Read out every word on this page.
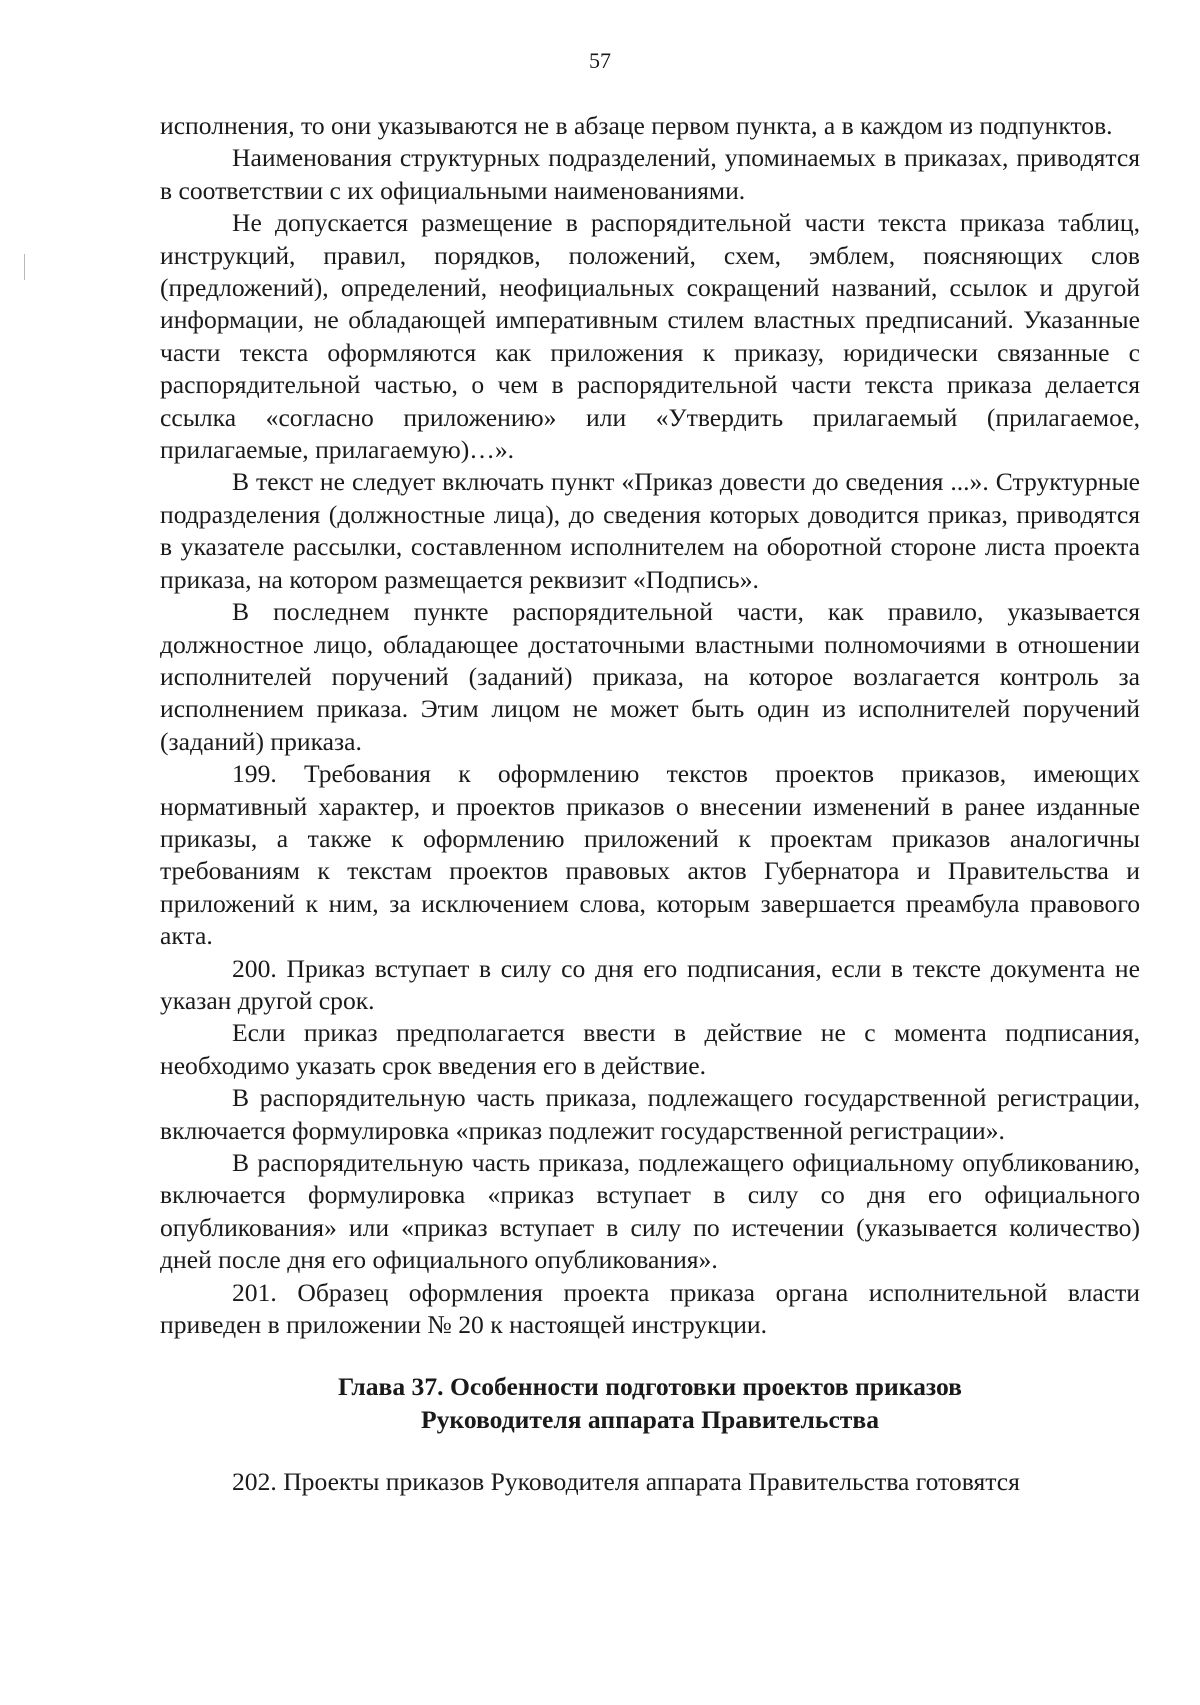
57

исполнения, то они указываются не в абзаце первом пункта, а в каждом из подпунктов.

Наименования структурных подразделений, упоминаемых в приказах, приводятся в соответствии с их официальными наименованиями.

Не допускается размещение в распорядительной части текста приказа таблиц, инструкций, правил, порядков, положений, схем, эмблем, поясняющих слов (предложений), определений, неофициальных сокращений названий, ссылок и другой информации, не обладающей императивным стилем властных предписаний. Указанные части текста оформляются как приложения к приказу, юридически связанные с распорядительной частью, о чем в распорядительной части текста приказа делается ссылка «согласно приложению» или «Утвердить прилагаемый (прилагаемое, прилагаемые, прилагаемую)…».

В текст не следует включать пункт «Приказ довести до сведения ...». Структурные подразделения (должностные лица), до сведения которых доводится приказ, приводятся в указателе рассылки, составленном исполнителем на оборотной стороне листа проекта приказа, на котором размещается реквизит «Подпись».

В последнем пункте распорядительной части, как правило, указывается должностное лицо, обладающее достаточными властными полномочиями в отношении исполнителей поручений (заданий) приказа, на которое возлагается контроль за исполнением приказа. Этим лицом не может быть один из исполнителей поручений (заданий) приказа.

199. Требования к оформлению текстов проектов приказов, имеющих нормативный характер, и проектов приказов о внесении изменений в ранее изданные приказы, а также к оформлению приложений к проектам приказов аналогичны требованиям к текстам проектов правовых актов Губернатора и Правительства и приложений к ним, за исключением слова, которым завершается преамбула правового акта.

200. Приказ вступает в силу со дня его подписания, если в тексте документа не указан другой срок.

Если приказ предполагается ввести в действие не с момента подписания, необходимо указать срок введения его в действие.

В распорядительную часть приказа, подлежащего государственной регистрации, включается формулировка «приказ подлежит государственной регистрации».

В распорядительную часть приказа, подлежащего официальному опубликованию, включается формулировка «приказ вступает в силу со дня его официального опубликования» или «приказ вступает в силу по истечении (указывается количество) дней после дня его официального опубликования».

201. Образец оформления проекта приказа органа исполнительной власти приведен в приложении № 20 к настоящей инструкции.

Глава 37. Особенности подготовки проектов приказов
Руководителя аппарата Правительства

202. Проекты приказов Руководителя аппарата Правительства готовятся
